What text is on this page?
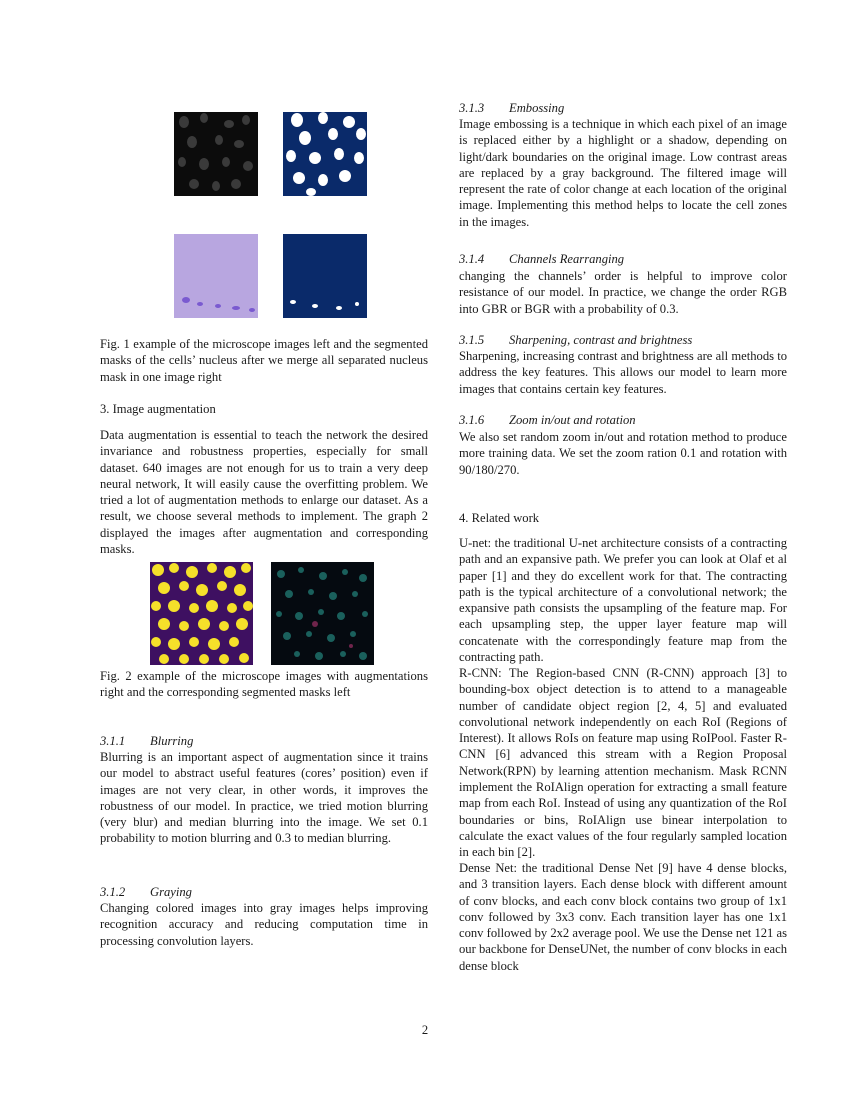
Fig. 1 example of the microscope images left and the segmented masks of the cells’ nucleus after we merge all separated nucleus mask in one image right

3. Image augmentation

Data augmentation is essential to teach the network the desired invariance and robustness properties, especially for small dataset. 640 images are not enough for us to train a very deep neural network, It will easily cause the overfitting problem. We tried a lot of augmentation methods to enlarge our dataset. As a result, we choose several methods to implement. The graph 2 displayed the images after augmentation and corresponding masks.

Fig. 2 example of the microscope images with augmentations right and the corresponding segmented masks left

3.1.1 Blurring

Blurring is an important aspect of augmentation since it trains our model to abstract useful features (cores’ position) even if images are not very clear, in other words, it improves the robustness of our model. In practice, we tried motion blurring (very blur) and median blurring into the image. We set 0.1 probability to motion blurring and 0.3 to median blurring.

3.1.2 Graying

Changing colored images into gray images helps improving recognition accuracy and reducing computation time in processing convolution layers.

3.1.3 Embossing

Image embossing is a technique in which each pixel of an image is replaced either by a highlight or a shadow, depending on light/dark boundaries on the original image. Low contrast areas are replaced by a gray background. The filtered image will represent the rate of color change at each location of the original image. Implementing this method helps to locate the cell zones in the images.

3.1.4 Channels Rearranging

changing the channels’ order is helpful to improve color resistance of our model. In practice, we change the order RGB into GBR or BGR with a probability of 0.3.

3.1.5 Sharpening, contrast and brightness

Sharpening, increasing contrast and brightness are all methods to address the key features. This allows our model to learn more images that contains certain key features.

3.1.6 Zoom in/out and rotation

We also set random zoom in/out and rotation method to produce more training data. We set the zoom ration 0.1 and rotation with 90/180/270.

4. Related work

U-net: the traditional U-net architecture consists of a contracting path and an expansive path. We prefer you can look at Olaf et al paper [1] and they do excellent work for that. The contracting path is the typical architecture of a convolutional network; the expansive path consists the upsampling of the feature map. For each upsampling step, the upper layer feature map will concatenate with the correspondingly feature map from the contracting path.

R-CNN: The Region-based CNN (R-CNN) approach [3] to bounding-box object detection is to attend to a manageable number of candidate object region [2, 4, 5] and evaluated convolutional network independently on each RoI (Regions of Interest). It allows RoIs on feature map using RoIPool. Faster R-CNN [6] advanced this stream with a Region Proposal Network(RPN) by learning attention mechanism. Mask RCNN implement the RoIAlign operation for extracting a small feature map from each RoI. Instead of using any quantization of the RoI boundaries or bins, RoIAlign use binear interpolation to calculate the exact values of the four regularly sampled location in each bin [2].

Dense Net: the traditional Dense Net [9] have 4 dense blocks, and 3 transition layers. Each dense block with different amount of conv blocks, and each conv block contains two group of 1x1 conv followed by 3x3 conv. Each transition layer has one 1x1 conv followed by 2x2 average pool. We use the Dense net 121 as our backbone for DenseUNet, the number of conv blocks in each dense block

2
